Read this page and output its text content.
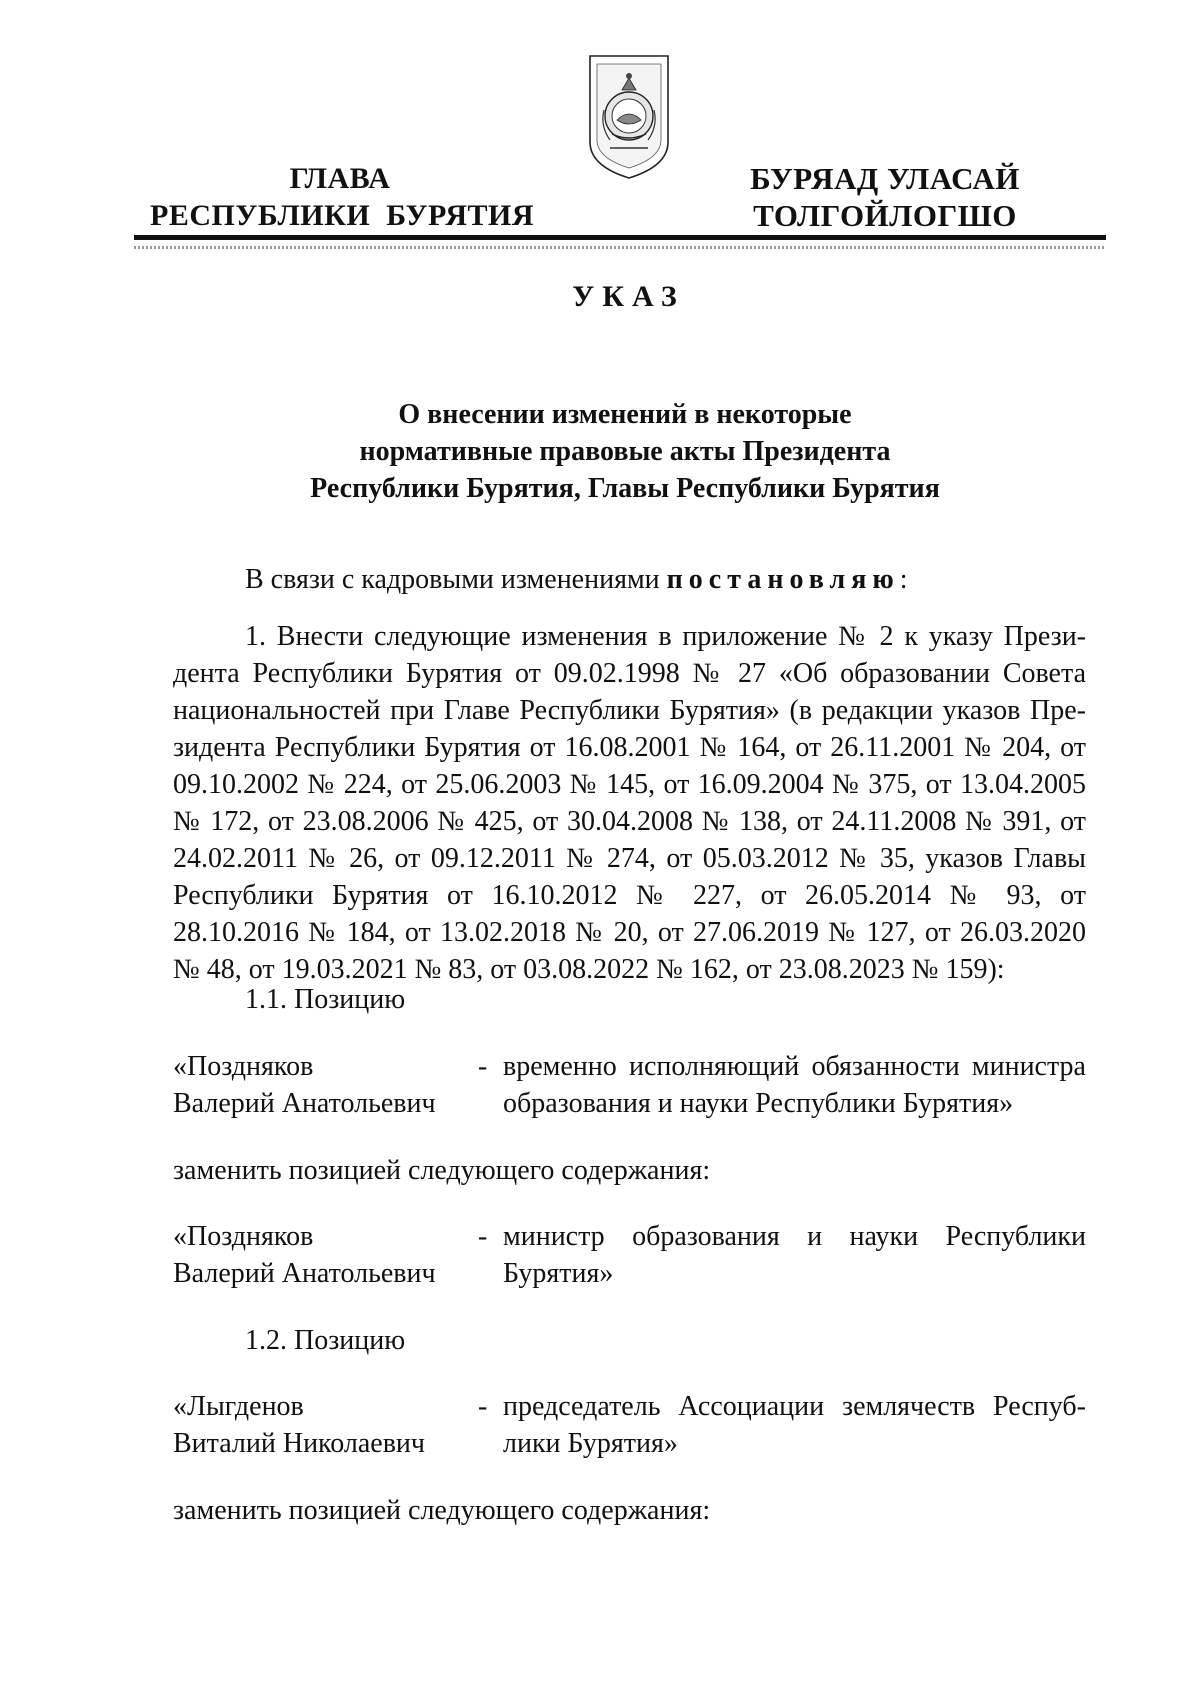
ГЛАВА
РЕСПУБЛИКИ  БУРЯТИЯ
БУРЯАД УЛАСАЙ
ТОЛГОЙЛОГШО
УКАЗ
О внесении изменений в некоторые
нормативные правовые акты Президента
Республики Бурятия, Главы Республики Бурятия
В связи с кадровыми изменениями постановляю:
1. Внести следующие изменения в приложение № 2 к указу Прези-
дента Республики Бурятия от 09.02.1998 № 27 «Об образовании Совета
национальностей при Главе Республики Бурятия» (в редакции указов Пре-
зидента Республики Бурятия от 16.08.2001 № 164, от 26.11.2001 № 204, от
09.10.2002 № 224, от 25.06.2003 № 145, от 16.09.2004 № 375, от 13.04.2005
№ 172, от 23.08.2006 № 425, от 30.04.2008 № 138, от 24.11.2008 № 391, от
24.02.2011 № 26, от 09.12.2011 № 274, от 05.03.2012 № 35, указов Главы
Республики Бурятия от 16.10.2012 № 227, от 26.05.2014 № 93, от
28.10.2016 № 184, от 13.02.2018 № 20, от 27.06.2019 № 127, от 26.03.2020
№ 48, от 19.03.2021 № 83, от 03.08.2022 № 162, от 23.08.2023 № 159):
1.1. Позицию
«Поздняков
Валерий Анатольевич
- временно исполняющий обязанности министра
образования и науки Республики Бурятия»
заменить позицией следующего содержания:
«Поздняков
Валерий Анатольевич
- министр образования и науки Республики
Бурятия»
1.2. Позицию
«Лыгденов
Виталий Николаевич
- председатель Ассоциации землячеств Респуб-
лики Бурятия»
заменить позицией следующего содержания:
